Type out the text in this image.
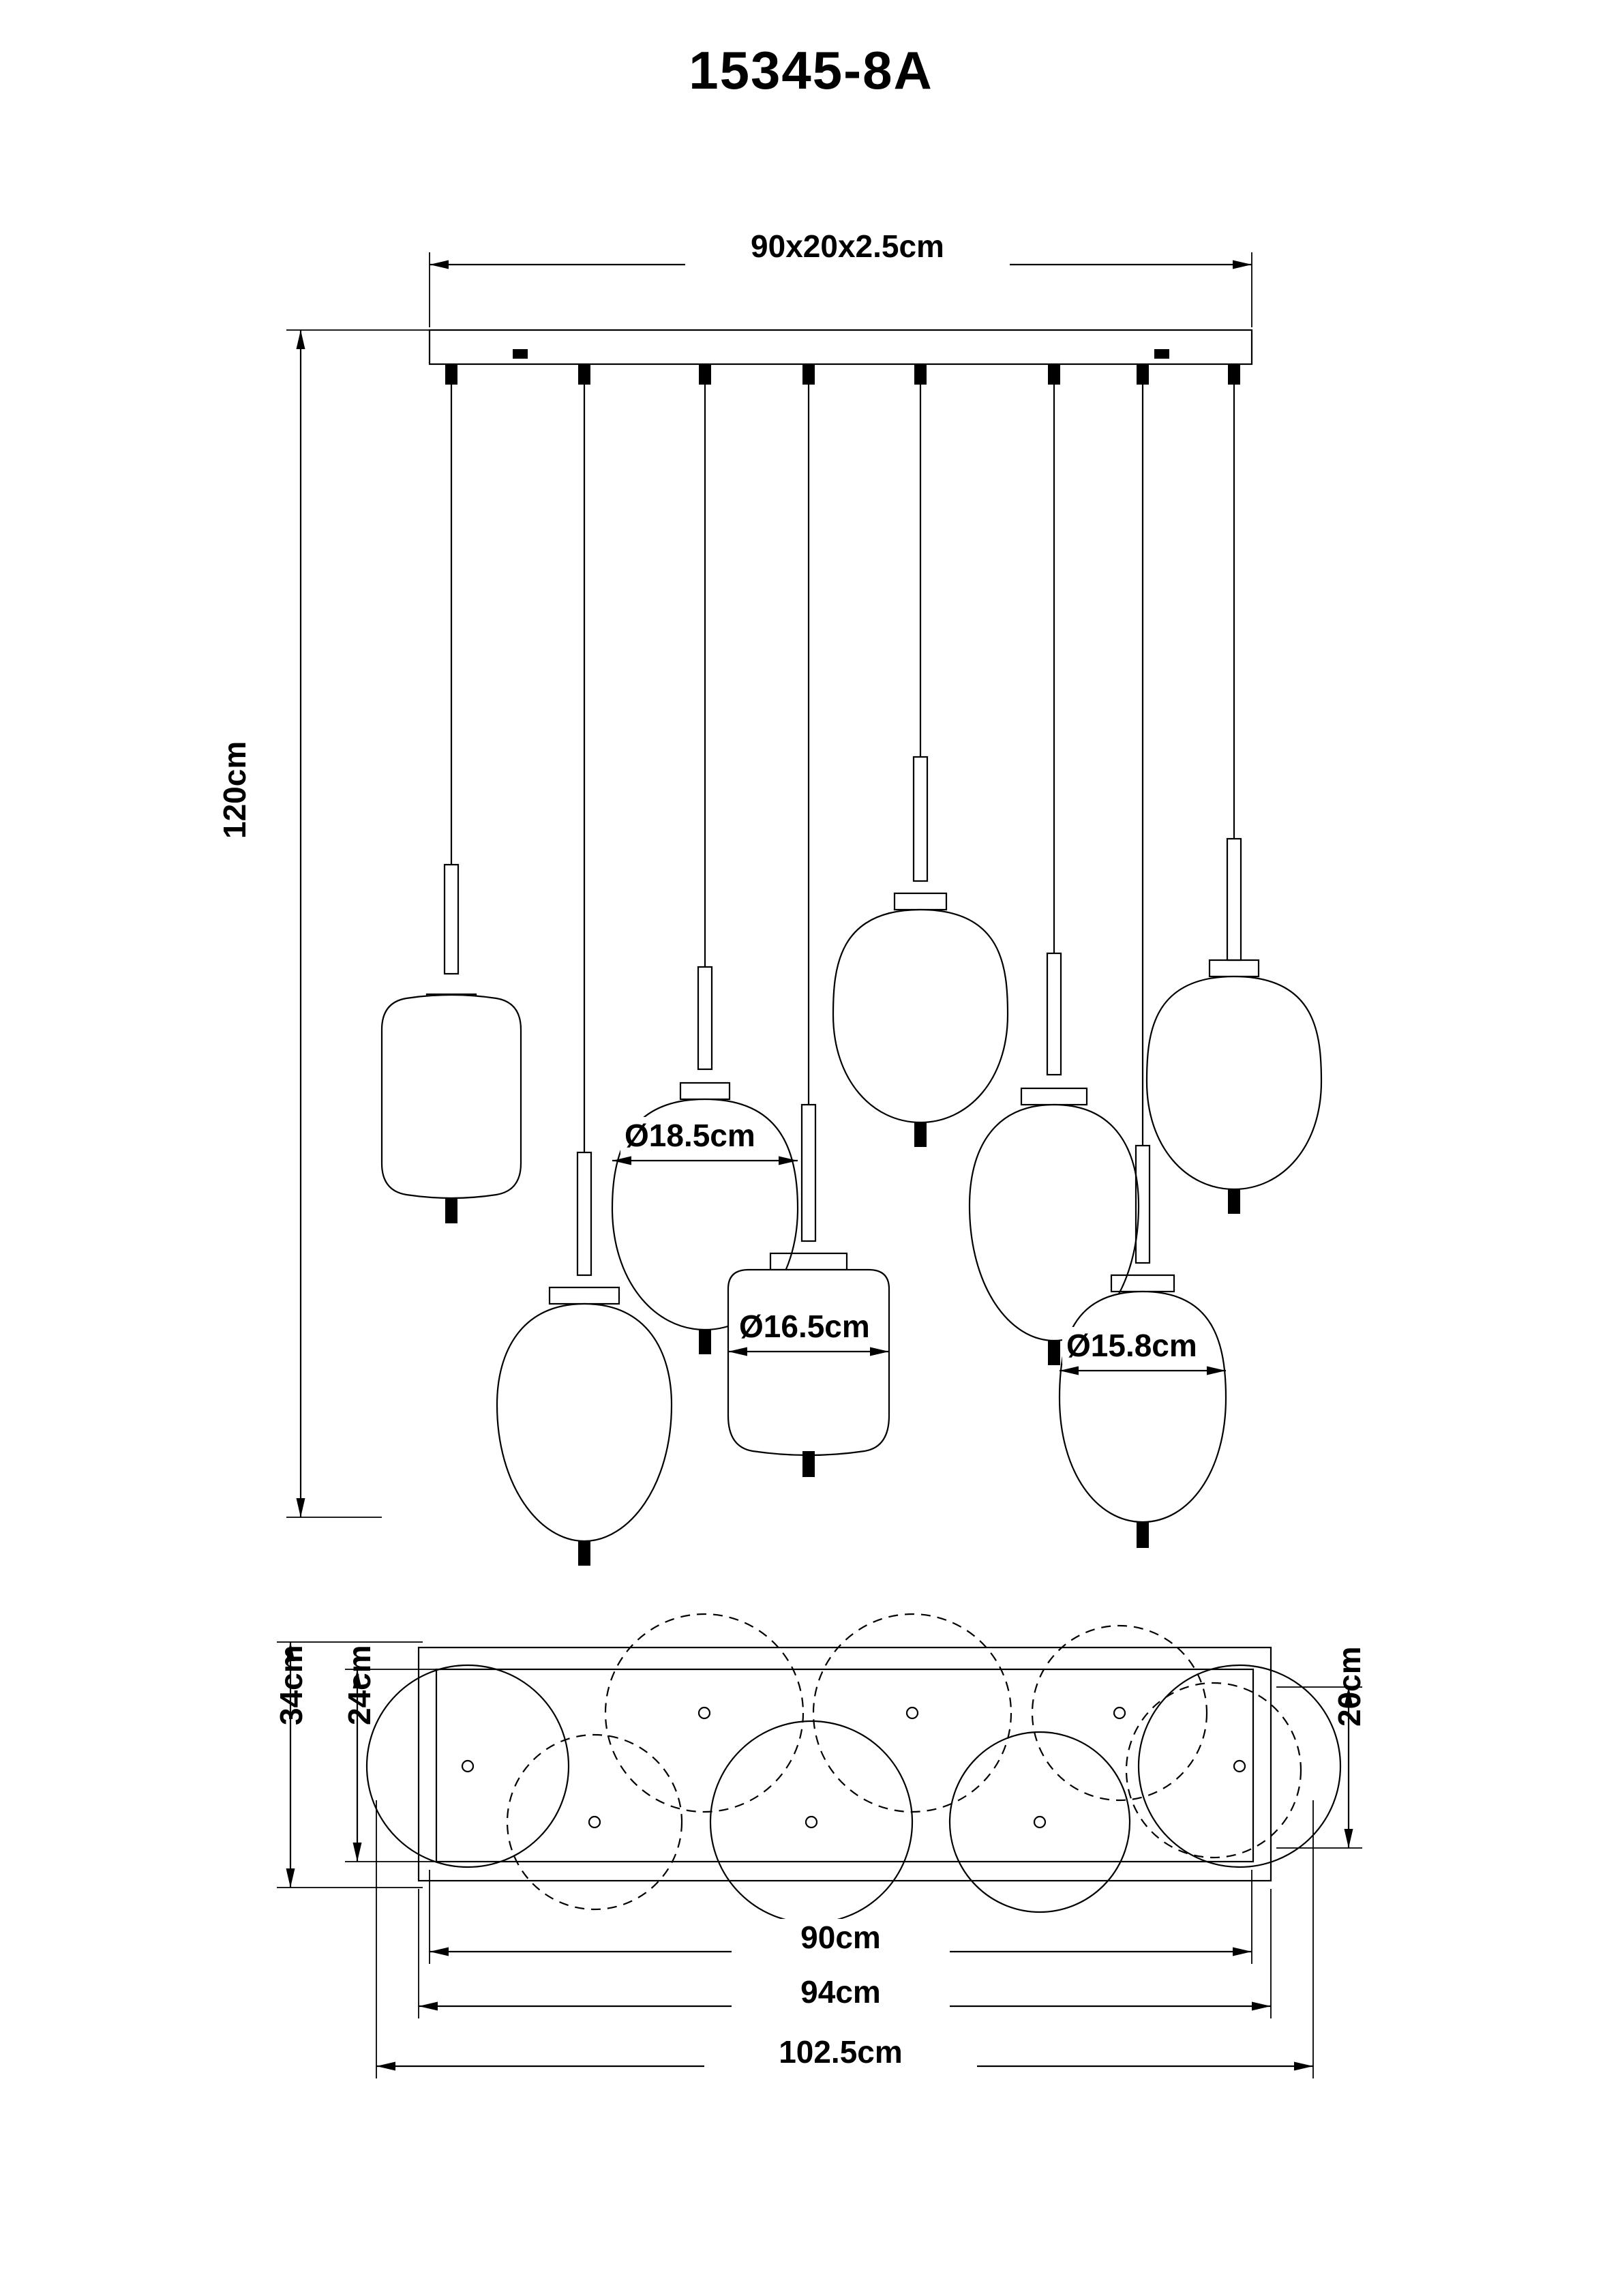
15345-8A
90x20x2.5cm
120cm
Ø18.5cm
Ø16.5cm
Ø15.8cm
34cm 24cm	20cm
90cm
94cm
102.5cm
